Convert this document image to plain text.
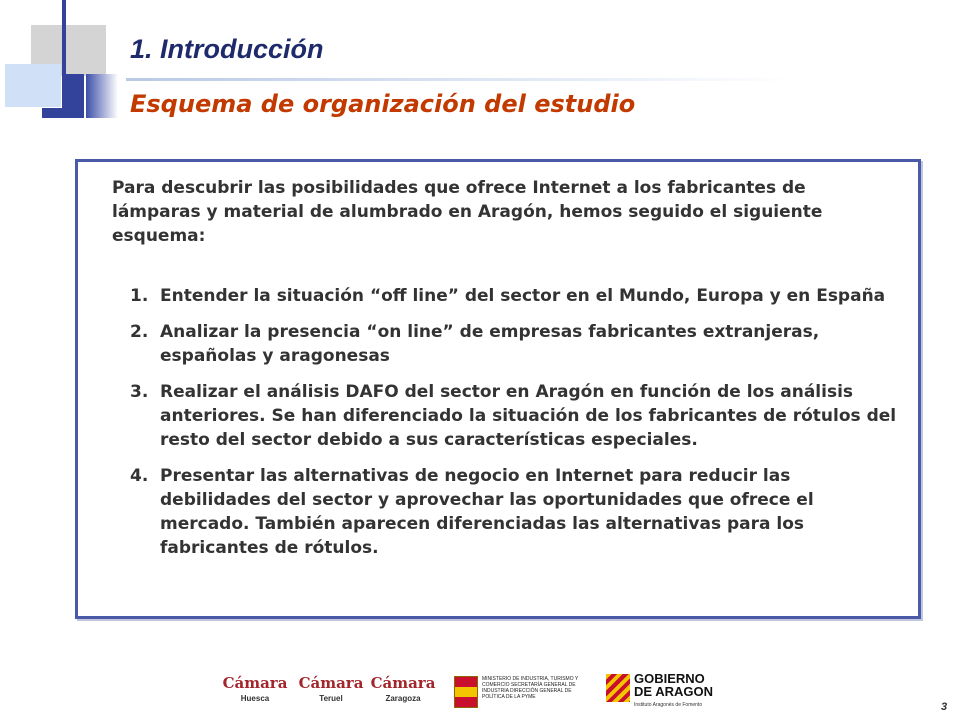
1. Introducción
Esquema de organización del estudio

Para descubrir las posibilidades que ofrece Internet a los fabricantes de lámparas y material de alumbrado en Aragón, hemos seguido el siguiente esquema:

1. Entender la situación “off line” del sector en el Mundo, Europa y en España
2. Analizar la presencia “on line” de empresas fabricantes extranjeras, españolas y aragonesas
3. Realizar el análisis DAFO del sector en Aragón en función de los análisis anteriores. Se han diferenciado la situación de los fabricantes de rótulos del resto del sector debido a sus características especiales.
4. Presentar las alternativas de negocio en Internet para reducir las debilidades del sector y aprovechar las oportunidades que ofrece el mercado. También aparecen diferenciadas las alternativas para los fabricantes de rótulos.
Cámara
Huesca
Cámara
Teruel
Cámara
Zaragoza
MINISTERIO DE INDUSTRIA, TURISMO Y COMERCIO SECRETARÍA GENERAL DE INDUSTRIA DIRECCIÓN GENERAL DE POLÍTICA DE LA PYME
GOBIERNO
DE ARAGON
Instituto Aragonés de Fomento	3
